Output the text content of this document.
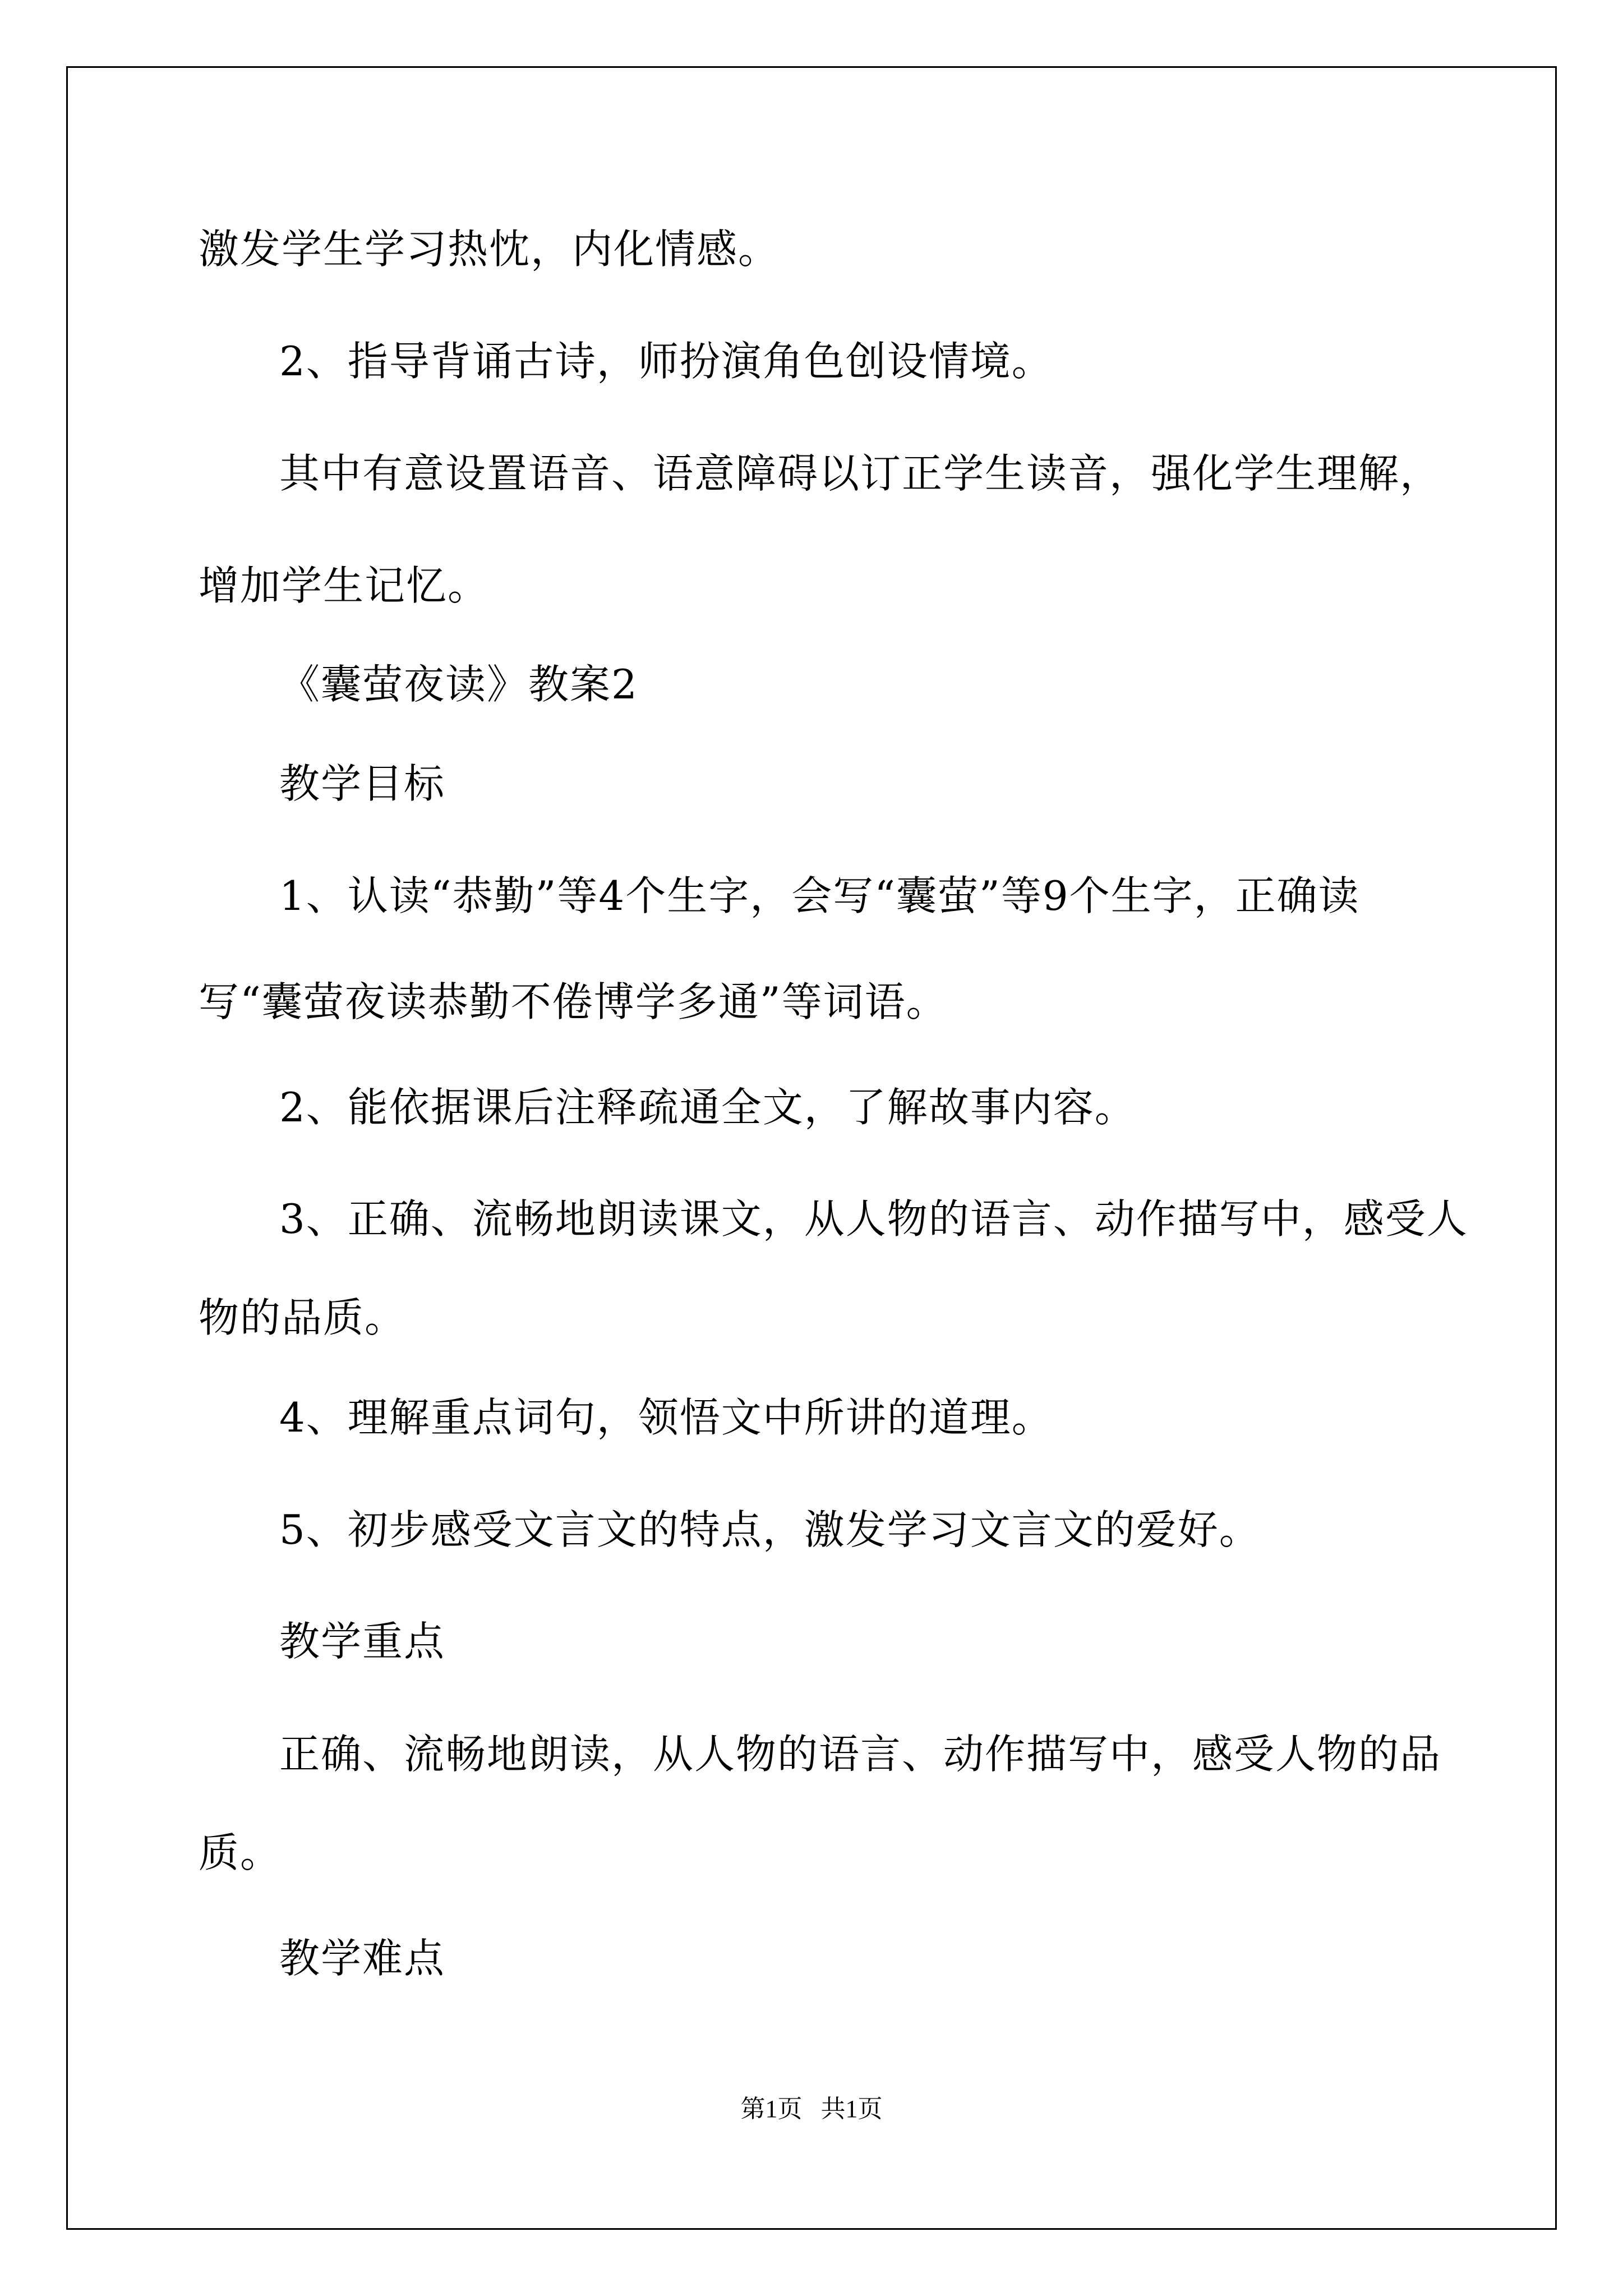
激发学生学习热忱，内化情感。
2、指导背诵古诗，师扮演角色创设情境。
其中有意设置语音、语意障碍以订正学生读音，强化学生理解，
增加学生记忆。
《囊萤夜读》教案2
教学目标
1、认读“恭勤”等4个生字，会写“囊萤”等9个生字，正确读
写“囊萤夜读恭勤不倦博学多通”等词语。
2、能依据课后注释疏通全文，了解故事内容。
3、正确、流畅地朗读课文，从人物的语言、动作描写中，感受人
物的品质。
4、理解重点词句，领悟文中所讲的道理。
5、初步感受文言文的特点，激发学习文言文的爱好。
教学重点
正确、流畅地朗读，从人物的语言、动作描写中，感受人物的品
质。
教学难点
第1页   共1页
